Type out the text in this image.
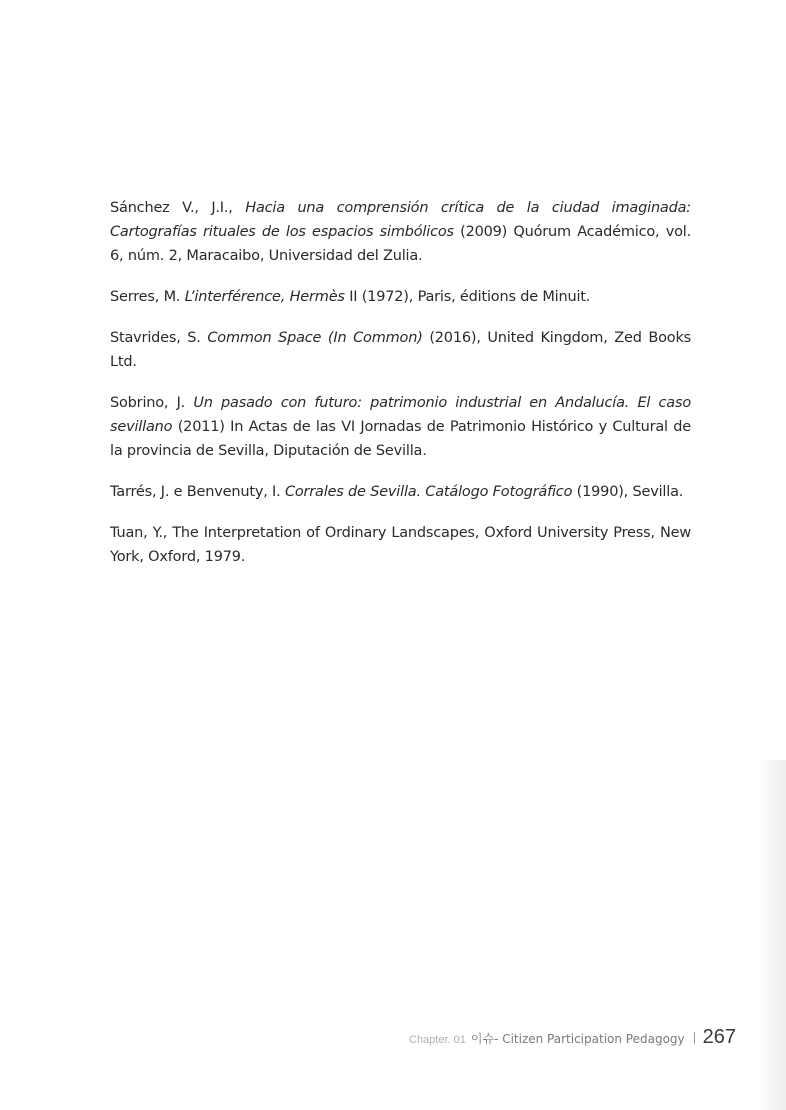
Sánchez V., J.I., Hacia una comprensión crítica de la ciudad imaginada: Cartografías rituales de los espacios simbólicos (2009) Quórum Académico, vol. 6, núm. 2, Maracaibo, Universidad del Zulia.

Serres, M. L’interférence, Hermès II (1972), Paris, éditions de Minuit.

Stavrides, S. Common Space (In Common) (2016), United Kingdom, Zed Books Ltd.

Sobrino, J. Un pasado con futuro: patrimonio industrial en Andalucía. El caso sevillano (2011) In Actas de las VI Jornadas de Patrimonio Histórico y Cultural de la provincia de Sevilla, Diputación de Sevilla.

Tarrés, J. e Benvenuty, I. Corrales de Sevilla. Catálogo Fotográfico (1990), Sevilla.

Tuan, Y., The Interpretation of Ordinary Landscapes, Oxford University Press, New York, Oxford, 1979.

Chapter. 01 이슈- Citizen Participation Pedagogy 267
